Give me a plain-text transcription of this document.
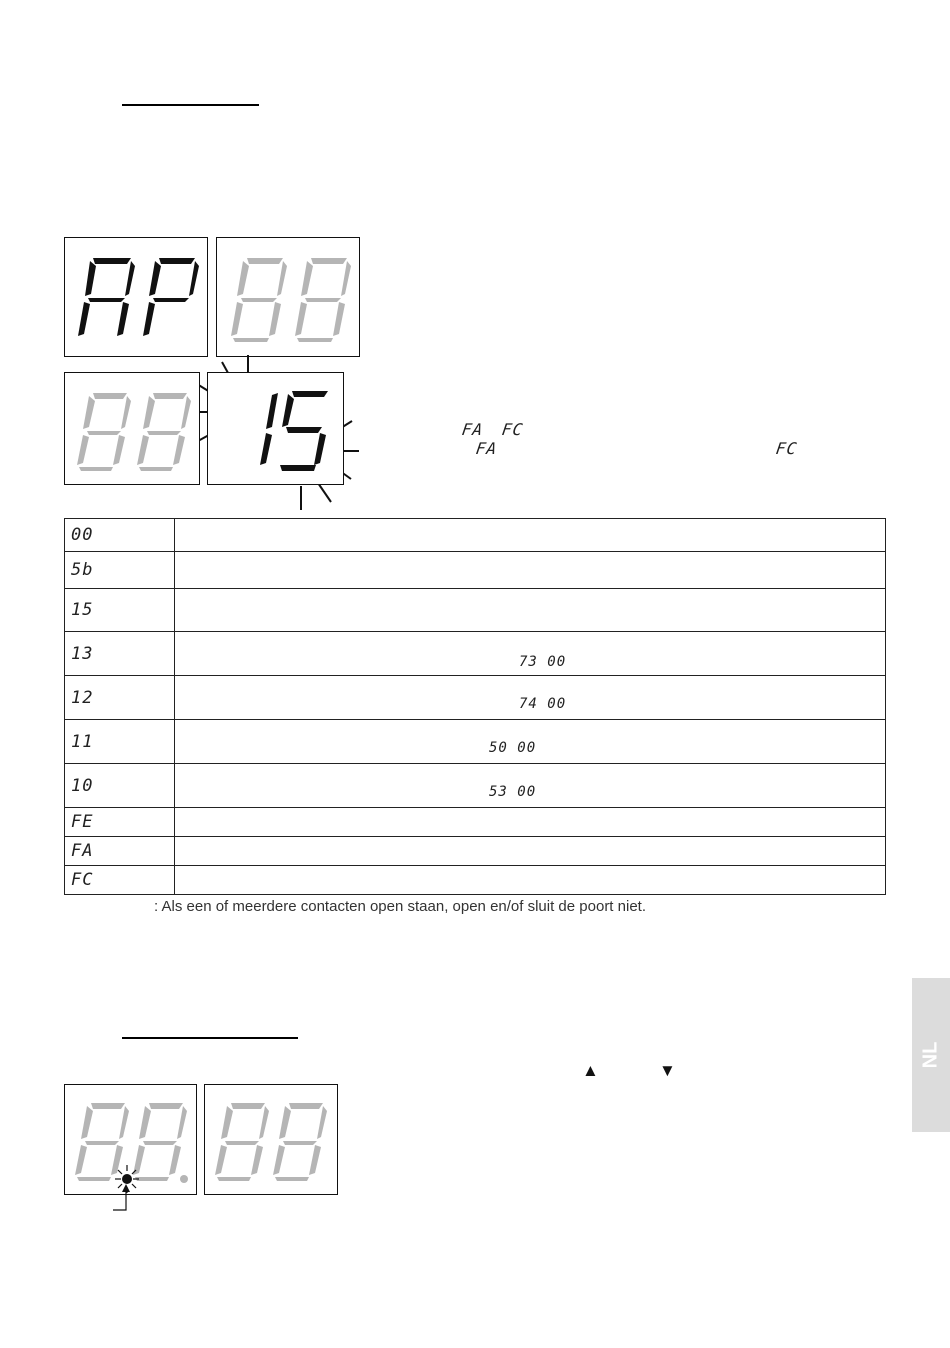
FA FC
FA	FC
00	
5b	
15	
13	73 00

12	74 00

11	50 00

10	53 00

FE	
FA	
FC	
: Als een of meerdere contacten open staan, open en/of sluit de poort niet.
NL
▲	▼
